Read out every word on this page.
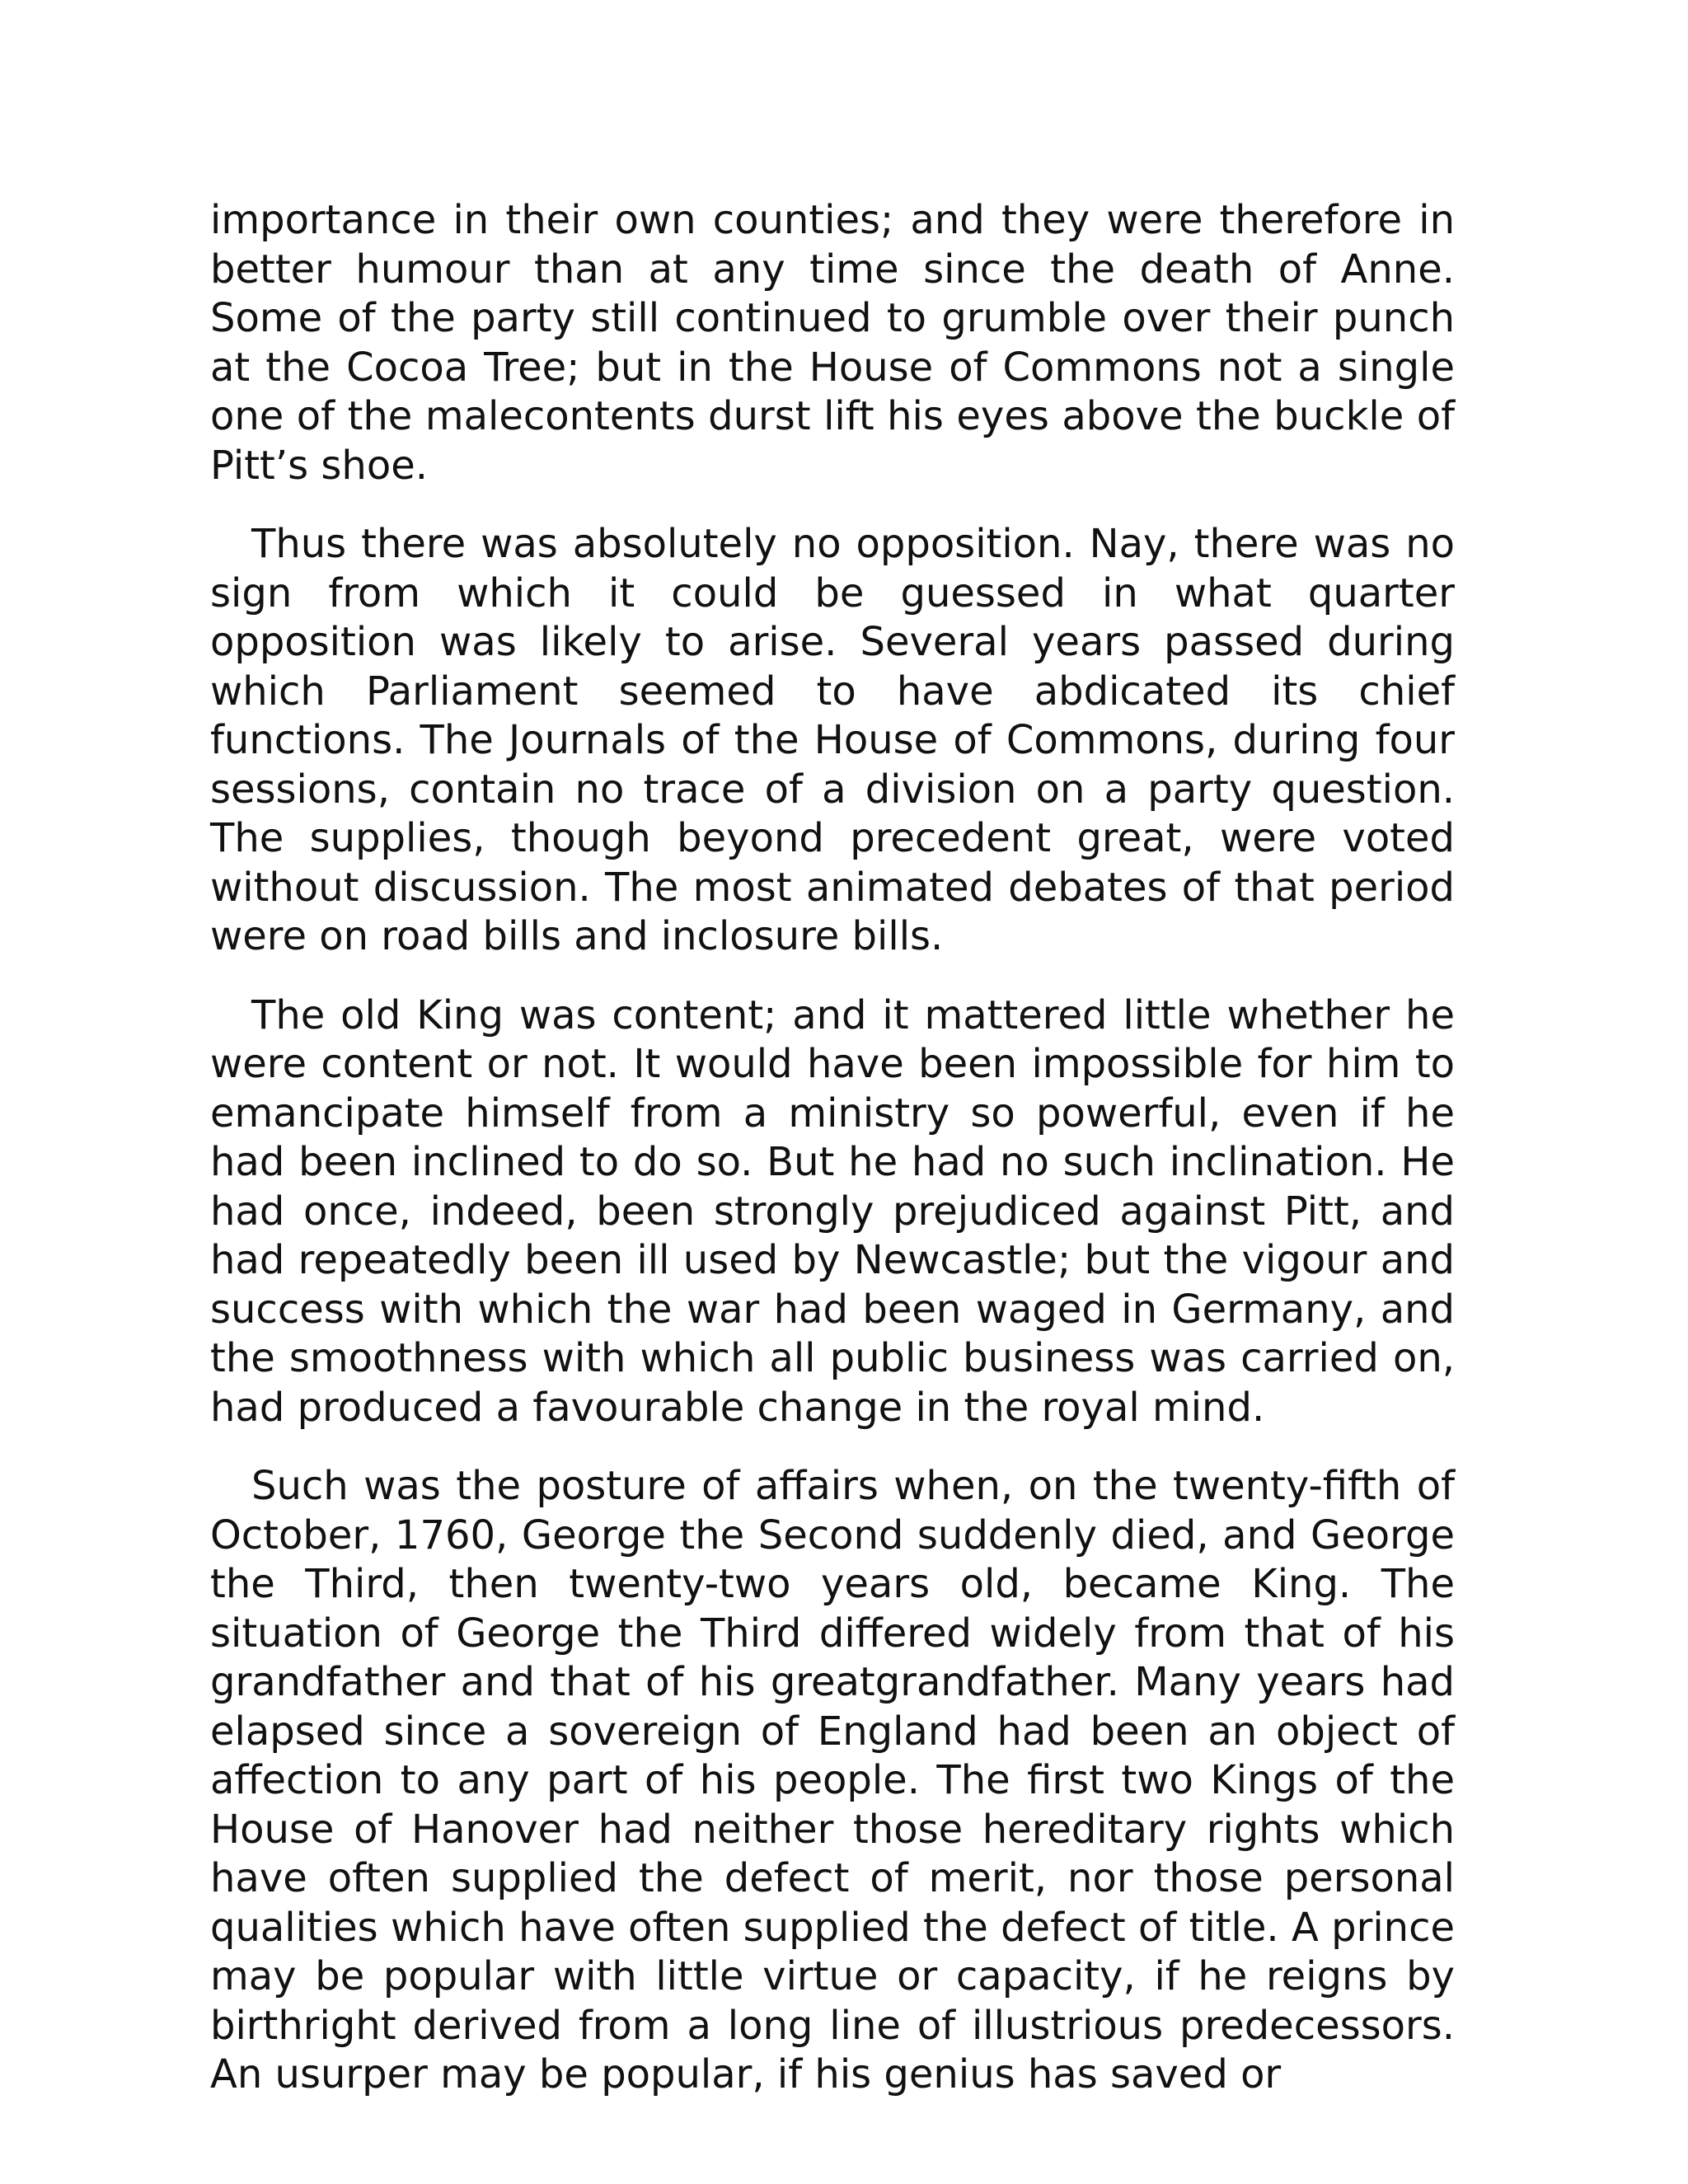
importance in their own counties; and they were therefore in better humour than at any time since the death of Anne. Some of the party still continued to grumble over their punch at the Cocoa Tree; but in the House of Commons not a single one of the malecontents durst lift his eyes above the buckle of Pitt’s shoe.

Thus there was absolutely no opposition. Nay, there was no sign from which it could be guessed in what quarter opposition was likely to arise. Several years passed during which Parliament seemed to have abdicated its chief functions. The Journals of the House of Commons, during four sessions, contain no trace of a division on a party question. The supplies, though beyond precedent great, were voted without discussion. The most animated debates of that period were on road bills and inclosure bills.

The old King was content; and it mattered little whether he were content or not. It would have been impossible for him to emancipate himself from a ministry so powerful, even if he had been inclined to do so. But he had no such inclination. He had once, indeed, been strongly prejudiced against Pitt, and had repeatedly been ill used by Newcastle; but the vigour and success with which the war had been waged in Germany, and the smoothness with which all public business was carried on, had produced a favourable change in the royal mind.

Such was the posture of affairs when, on the twenty-fifth of October, 1760, George the Second suddenly died, and George the Third, then twenty-two years old, became King. The situation of George the Third differed widely from that of his grandfather and that of his greatgrandfather. Many years had elapsed since a sovereign of England had been an object of affection to any part of his people. The first two Kings of the House of Hanover had neither those hereditary rights which have often supplied the defect of merit, nor those personal qualities which have often supplied the defect of title. A prince may be popular with little virtue or capacity, if he reigns by birthright derived from a long line of illustrious predecessors. An usurper may be popular, if his genius has saved or
